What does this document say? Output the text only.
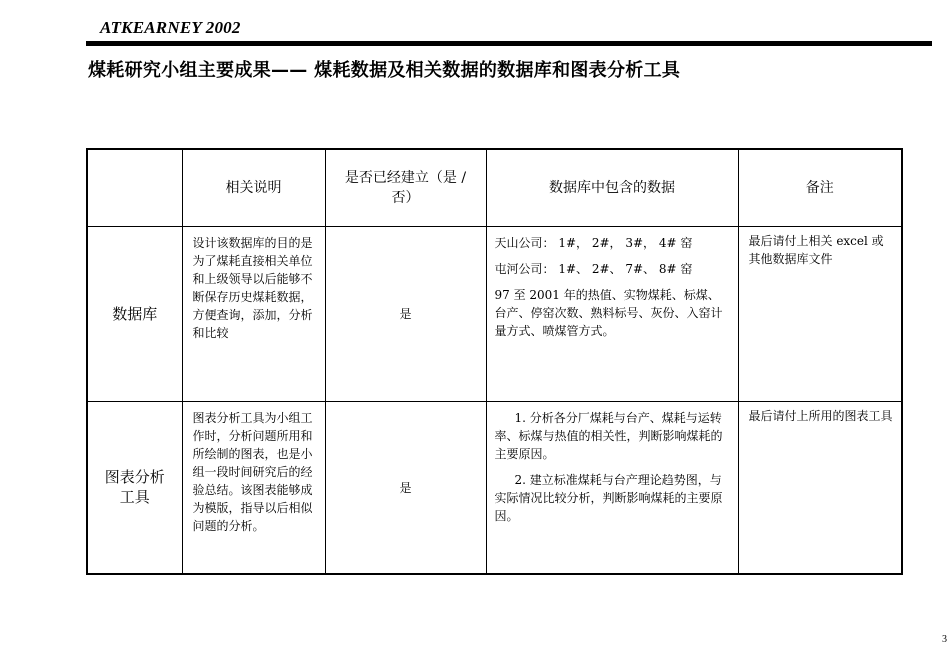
ATKEARNEY 2002
煤耗研究小组主要成果—— 煤耗数据及相关数据的数据库和图表分析工具
	相关说明	是否已经建立（是 / 否）	数据库中包含的数据	备注
数据库	设计该数据库的目的是为了煤耗直接相关单位和上级领导以后能够不断保存历史煤耗数据，方便查询，添加，分析和比较	是	天山公司： 1#， 2#， 3#， 4# 窑

屯河公司： 1#、 2#、 7#、 8# 窑

97 至 2001 年的热值、实物煤耗、标煤、台产、停窑次数、熟料标号、灰份、入窑计量方式、喷煤管方式。	最后请付上相关 excel 或其他数据库文件
图表分析工具	图表分析工具为小组工作时，分析问题所用和所绘制的图表，也是小组一段时间研究后的经验总结。该图表能够成为模版，指导以后相似问题的分析。	是	1. 分析各分厂煤耗与台产、煤耗与运转率、标煤与热值的相关性，判断影响煤耗的主要原因。

2. 建立标准煤耗与台产理论趋势图，与实际情况比较分析，判断影响煤耗的主要原因。	最后请付上所用的图表工具
3
